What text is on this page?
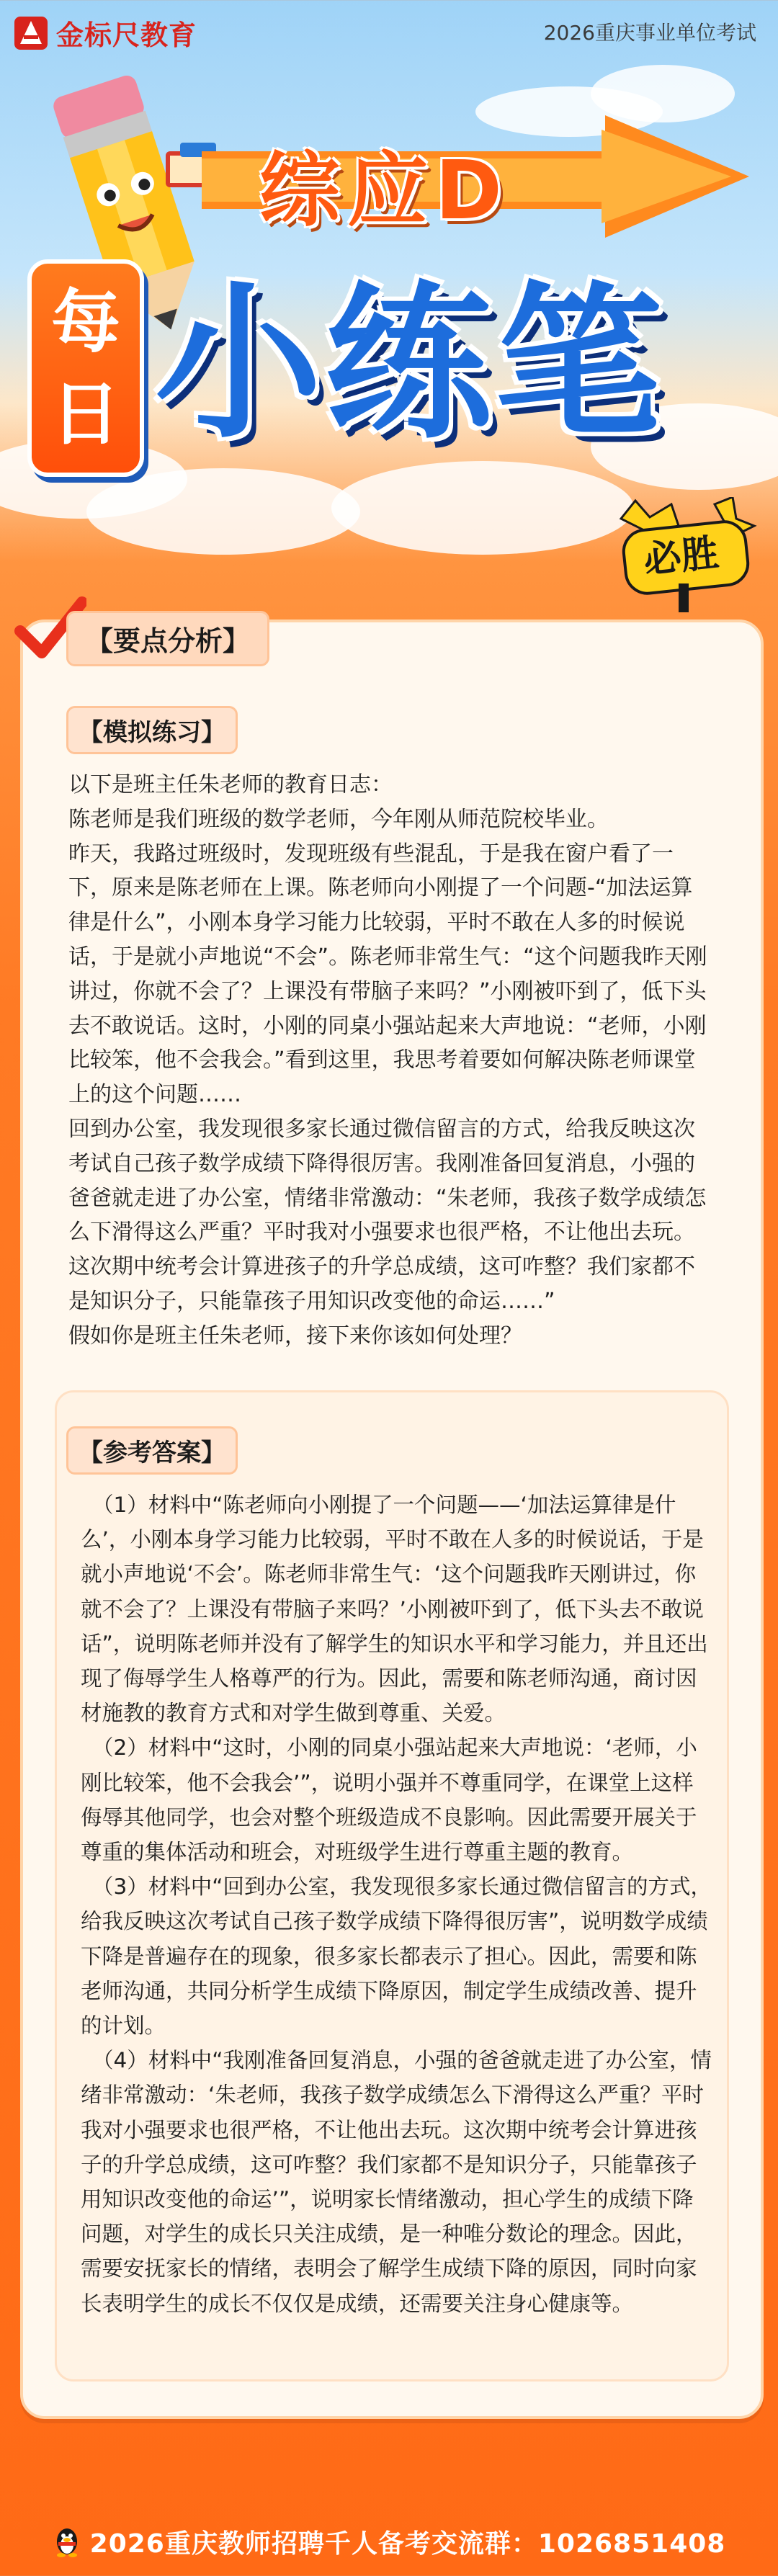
金标尺教育	2026重庆事业单位考试
综应D
每
日 小练笔
必胜
【要点分析】
【模拟练习】

以下是班主任朱老师的教育日志：

陈老师是我们班级的数学老师，今年刚从师范院校毕业。

昨天，我路过班级时，发现班级有些混乱，于是我在窗户看了一下，原来是陈老师在上课。陈老师向小刚提了一个问题-“加法运算律是什么”，小刚本身学习能力比较弱，平时不敢在人多的时候说话，于是就小声地说“不会”。陈老师非常生气：“这个问题我昨天刚讲过，你就不会了？上课没有带脑子来吗？”小刚被吓到了，低下头去不敢说话。这时，小刚的同桌小强站起来大声地说：“老师，小刚比较笨，他不会我会。”看到这里，我思考着要如何解决陈老师课堂上的这个问题……

回到办公室，我发现很多家长通过微信留言的方式，给我反映这次考试自己孩子数学成绩下降得很厉害。我刚准备回复消息，小强的爸爸就走进了办公室，情绪非常激动：“朱老师，我孩子数学成绩怎么下滑得这么严重？平时我对小强要求也很严格，不让他出去玩。这次期中统考会计算进孩子的升学总成绩，这可咋整？我们家都不是知识分子，只能靠孩子用知识改变他的命运……”

假如你是班主任朱老师，接下来你该如何处理？

【参考答案】

（1）材料中“陈老师向小刚提了一个问题——‘加法运算律是什么’，小刚本身学习能力比较弱，平时不敢在人多的时候说话，于是就小声地说‘不会’。陈老师非常生气：‘这个问题我昨天刚讲过，你就不会了？上课没有带脑子来吗？’小刚被吓到了，低下头去不敢说话”，说明陈老师并没有了解学生的知识水平和学习能力，并且还出现了侮辱学生人格尊严的行为。因此，需要和陈老师沟通，商讨因材施教的教育方式和对学生做到尊重、关爱。

（2）材料中“这时，小刚的同桌小强站起来大声地说：‘老师，小刚比较笨，他不会我会’”，说明小强并不尊重同学，在课堂上这样侮辱其他同学，也会对整个班级造成不良影响。因此需要开展关于尊重的集体活动和班会，对班级学生进行尊重主题的教育。

（3）材料中“回到办公室，我发现很多家长通过微信留言的方式，给我反映这次考试自己孩子数学成绩下降得很厉害”，说明数学成绩下降是普遍存在的现象，很多家长都表示了担心。因此，需要和陈老师沟通，共同分析学生成绩下降原因，制定学生成绩改善、提升的计划。

（4）材料中“我刚准备回复消息，小强的爸爸就走进了办公室，情绪非常激动：‘朱老师，我孩子数学成绩怎么下滑得这么严重？平时我对小强要求也很严格，不让他出去玩。这次期中统考会计算进孩子的升学总成绩，这可咋整？我们家都不是知识分子，只能靠孩子用知识改变他的命运’”，说明家长情绪激动，担心学生的成绩下降问题，对学生的成长只关注成绩，是一种唯分数论的理念。因此，需要安抚家长的情绪，表明会了解学生成绩下降的原因，同时向家长表明学生的成长不仅仅是成绩，还需要关注身心健康等。

2026重庆教师招聘千人备考交流群：1026851408
